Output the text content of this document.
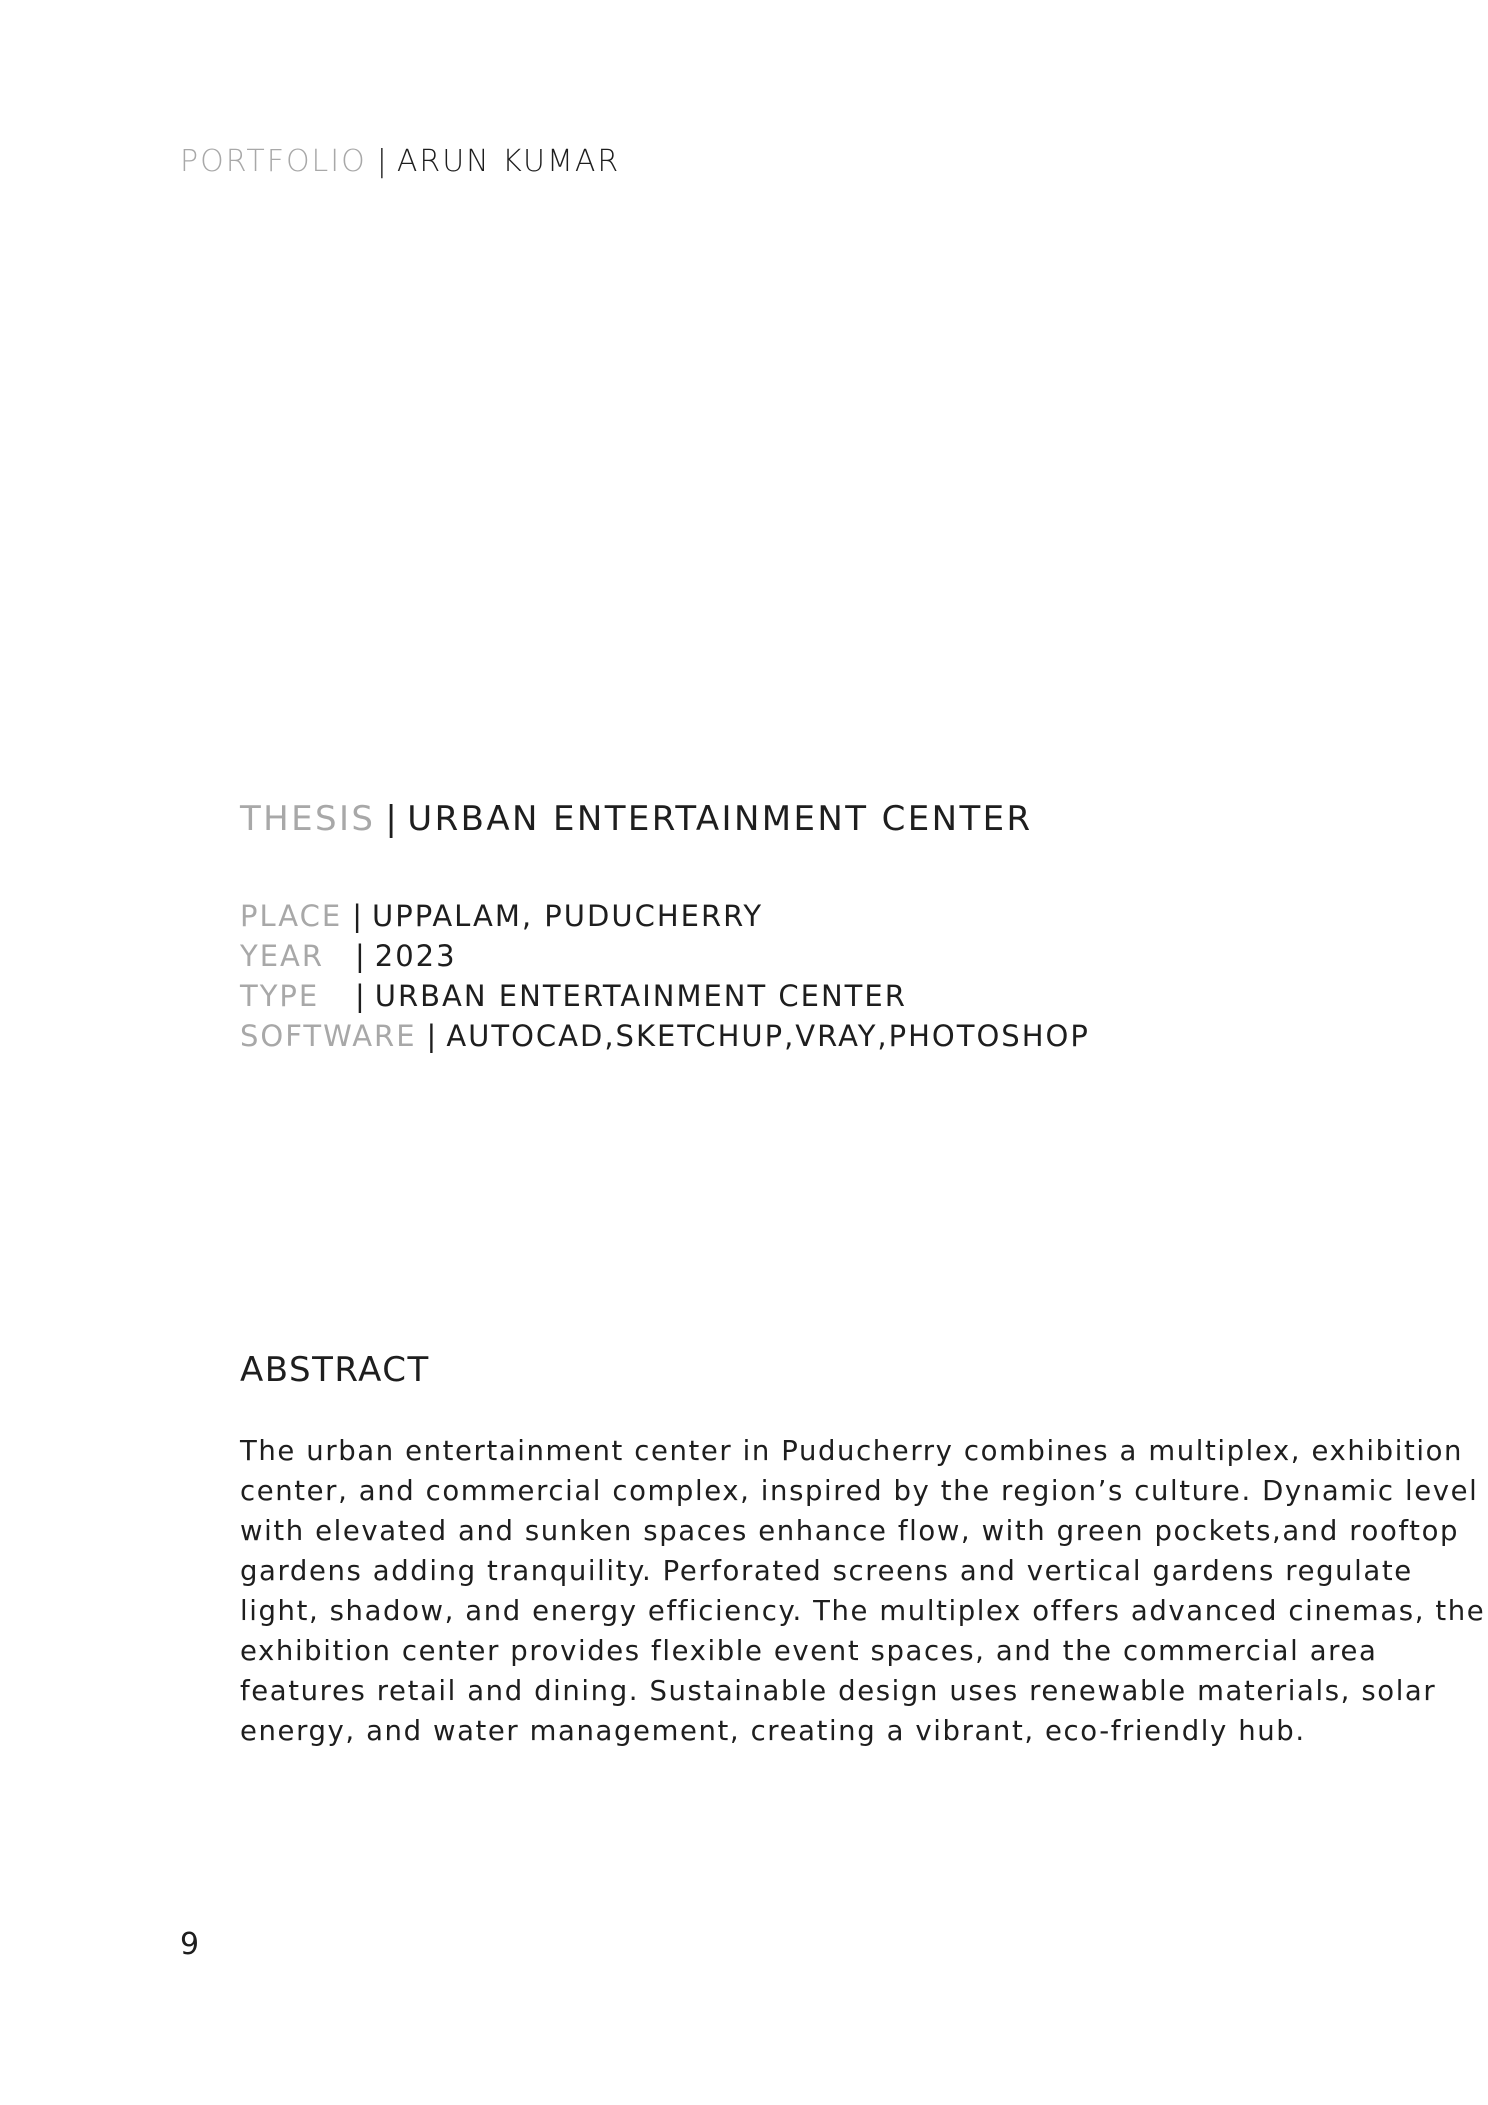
PORTFOLIO | ARUN KUMAR
THESIS | URBAN ENTERTAINMENT CENTER
PLACE | UPPALAM, PUDUCHERRY
YEAR | 2023
TYPE | URBAN ENTERTAINMENT CENTER
SOFTWARE | AUTOCAD,SKETCHUP,VRAY,PHOTOSHOP
ABSTRACT
The urban entertainment center in Puducherry combines a multiplex, exhibition
center, and commercial complex, inspired by the region’s culture. Dynamic level
with elevated and sunken spaces enhance flow, with green pockets,and rooftop
gardens adding tranquility. Perforated screens and vertical gardens regulate
light, shadow, and energy efficiency. The multiplex offers advanced cinemas, the
exhibition center provides flexible event spaces, and the commercial area
features retail and dining. Sustainable design uses renewable materials, solar
energy, and water management, creating a vibrant, eco-friendly hub.
9
